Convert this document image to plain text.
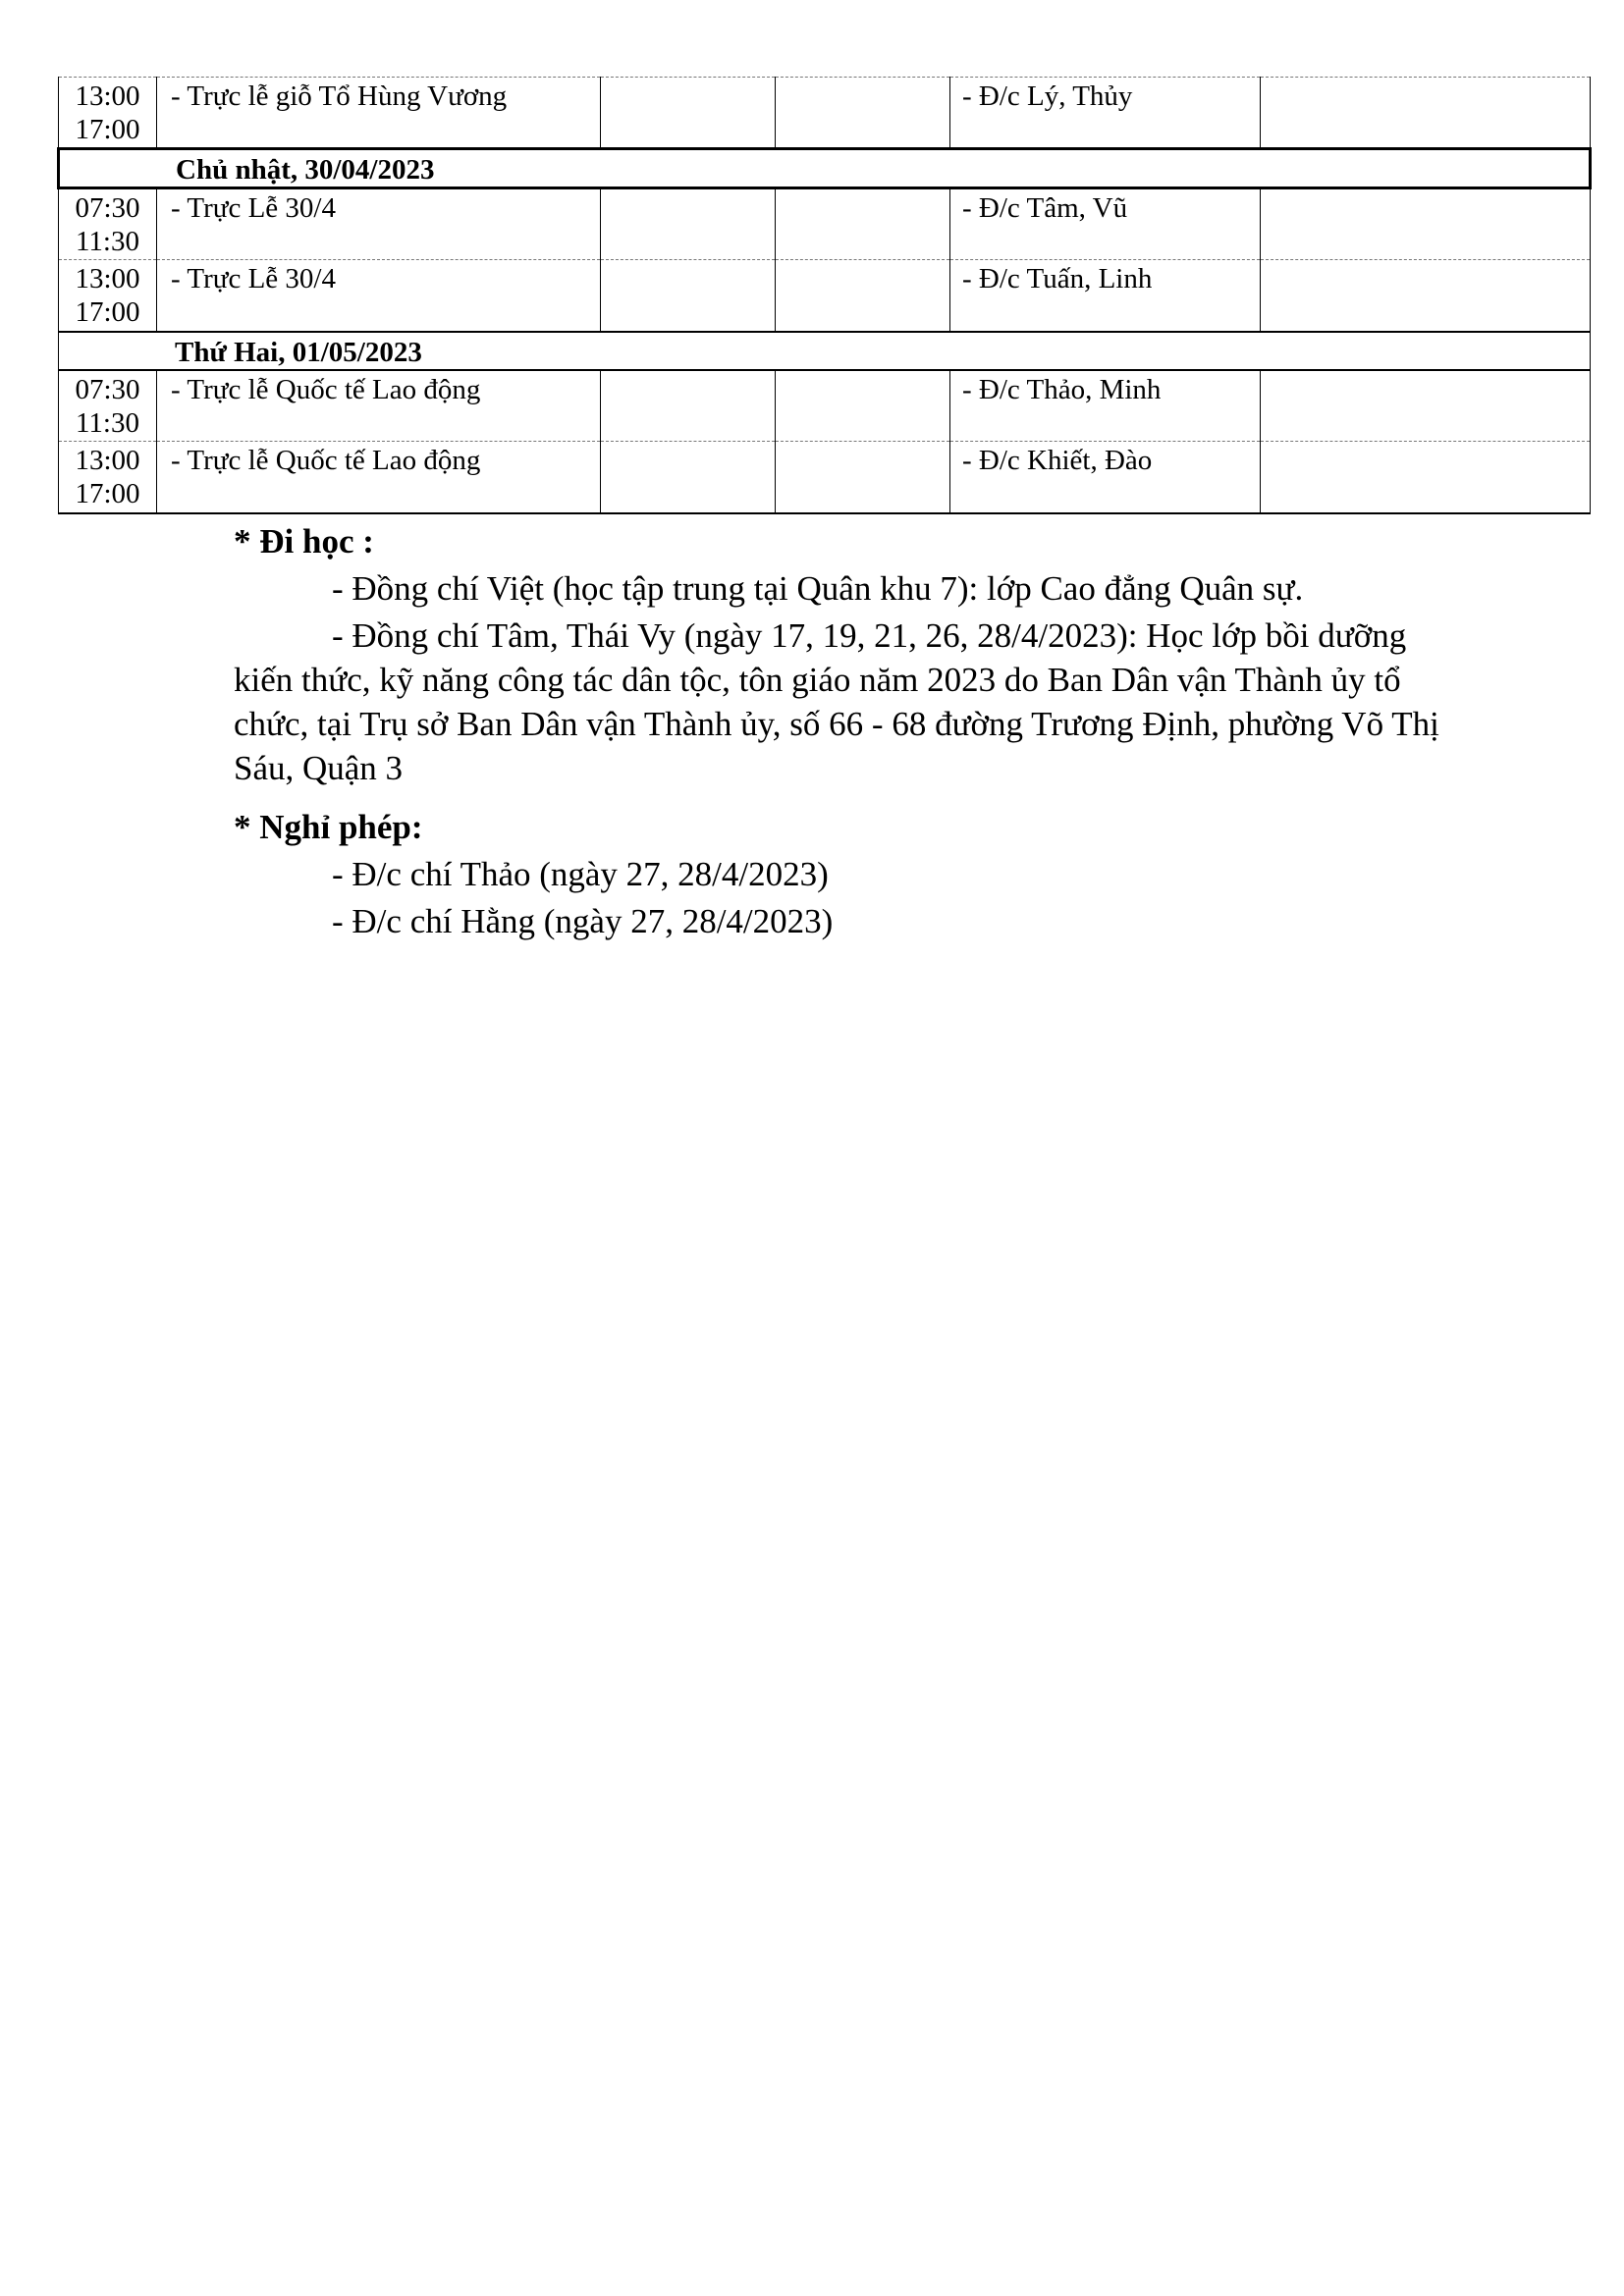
13:00
17:00	- Trực lễ giỗ Tổ Hùng Vương			- Đ/c Lý, Thủy	
Chủ nhật, 30/04/2023					

07:30
11:30	- Trực Lễ 30/4			- Đ/c Tâm, Vũ	

13:00
17:00	- Trực Lễ 30/4			- Đ/c Tuấn, Linh	
Thứ Hai, 01/05/2023					

07:30
11:30	- Trực lễ Quốc tế Lao động			- Đ/c Thảo, Minh	

13:00
17:00	- Trực lễ Quốc tế Lao động			- Đ/c Khiết, Đào	
* Đi học :
- Đồng chí Việt (học tập trung tại Quân khu 7): lớp Cao đẳng Quân sự.
- Đồng chí Tâm, Thái Vy (ngày 17, 19, 21, 26, 28/4/2023): Học lớp bồi dưỡng kiến thức, kỹ năng công tác dân tộc, tôn giáo năm 2023 do Ban Dân vận Thành ủy tổ chức, tại Trụ sở Ban Dân vận Thành ủy, số 66 - 68 đường Trương Định, phường Võ Thị Sáu, Quận 3
* Nghỉ phép:
- Đ/c chí Thảo (ngày 27, 28/4/2023)
- Đ/c chí Hằng (ngày 27, 28/4/2023)
